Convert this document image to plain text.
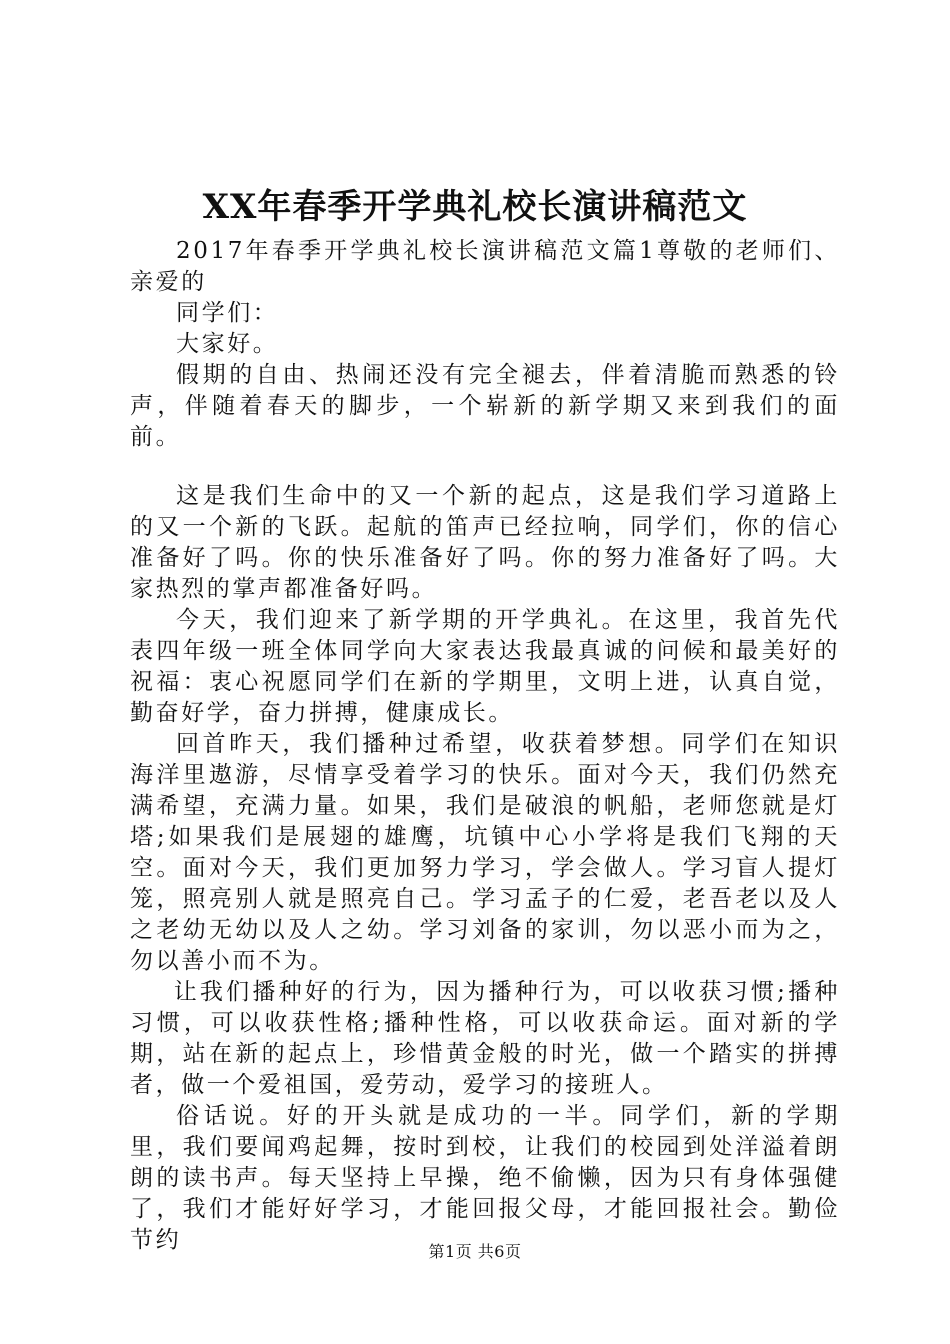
XX年春季开学典礼校长演讲稿范文

2017年春季开学典礼校长演讲稿范文篇1尊敬的老师们、亲爱的

同学们：

大家好。

假期的自由、热闹还没有完全褪去，伴着清脆而熟悉的铃声，伴随着春天的脚步，一个崭新的新学期又来到我们的面前。

这是我们生命中的又一个新的起点，这是我们学习道路上的又一个新的飞跃。起航的笛声已经拉响，同学们，你的信心准备好了吗。你的快乐准备好了吗。你的努力准备好了吗。大家热烈的掌声都准备好吗。

今天，我们迎来了新学期的开学典礼。在这里，我首先代表四年级一班全体同学向大家表达我最真诚的问候和最美好的祝福：衷心祝愿同学们在新的学期里，文明上进，认真自觉，勤奋好学，奋力拼搏，健康成长。

回首昨天，我们播种过希望，收获着梦想。同学们在知识海洋里遨游，尽情享受着学习的快乐。面对今天，我们仍然充满希望，充满力量。如果，我们是破浪的帆船，老师您就是灯塔;如果我们是展翅的雄鹰，坑镇中心小学将是我们飞翔的天空。面对今天，我们更加努力学习，学会做人。学习盲人提灯笼，照亮别人就是照亮自己。学习孟子的仁爱，老吾老以及人之老幼无幼以及人之幼。学习刘备的家训，勿以恶小而为之，勿以善小而不为。

让我们播种好的行为，因为播种行为，可以收获习惯;播种习惯，可以收获性格;播种性格，可以收获命运。面对新的学期，站在新的起点上，珍惜黄金般的时光，做一个踏实的拼搏者，做一个爱祖国，爱劳动，爱学习的接班人。

俗话说。好的开头就是成功的一半。同学们，新的学期里，我们要闻鸡起舞，按时到校，让我们的校园到处洋溢着朗朗的读书声。每天坚持上早操，绝不偷懒，因为只有身体强健了，我们才能好好学习，才能回报父母，才能回报社会。勤俭节约	第1页 共6页
